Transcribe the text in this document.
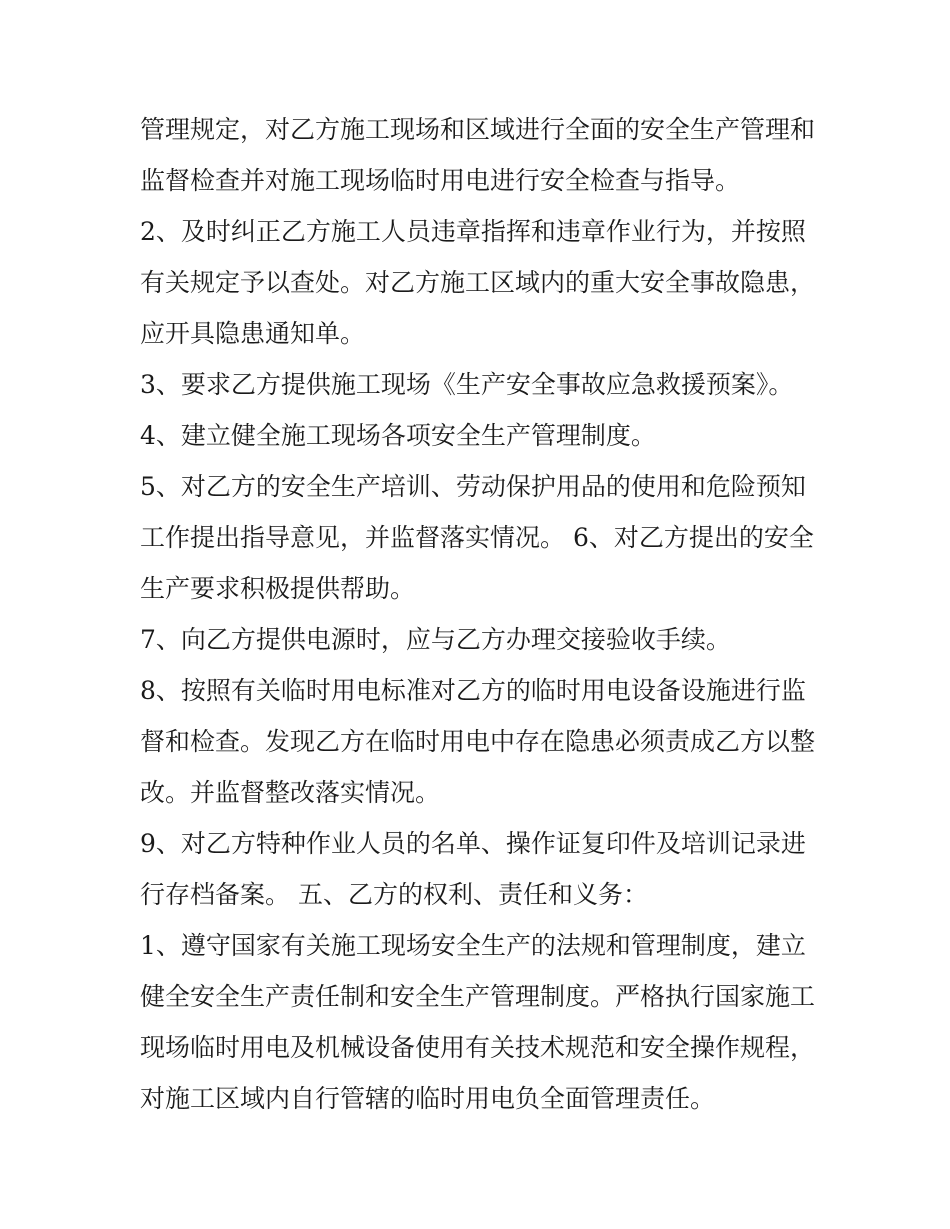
管理规定，对乙方施工现场和区域进行全面的安全生产管理和
监督检查并对施工现场临时用电进行安全检查与指导。
2、及时纠正乙方施工人员违章指挥和违章作业行为，并按照
有关规定予以查处。对乙方施工区域内的重大安全事故隐患，
应开具隐患通知单。
3、要求乙方提供施工现场《生产安全事故应急救援预案》。
4、建立健全施工现场各项安全生产管理制度。
5、对乙方的安全生产培训、劳动保护用品的使用和危险预知
工作提出指导意见，并监督落实情况。 6、对乙方提出的安全
生产要求积极提供帮助。
7、向乙方提供电源时，应与乙方办理交接验收手续。
8、按照有关临时用电标准对乙方的临时用电设备设施进行监
督和检查。发现乙方在临时用电中存在隐患必须责成乙方以整
改。并监督整改落实情况。
9、对乙方特种作业人员的名单、操作证复印件及培训记录进
行存档备案。 五、乙方的权利、责任和义务：
1、遵守国家有关施工现场安全生产的法规和管理制度，建立
健全安全生产责任制和安全生产管理制度。严格执行国家施工
现场临时用电及机械设备使用有关技术规范和安全操作规程，
对施工区域内自行管辖的临时用电负全面管理责任。
